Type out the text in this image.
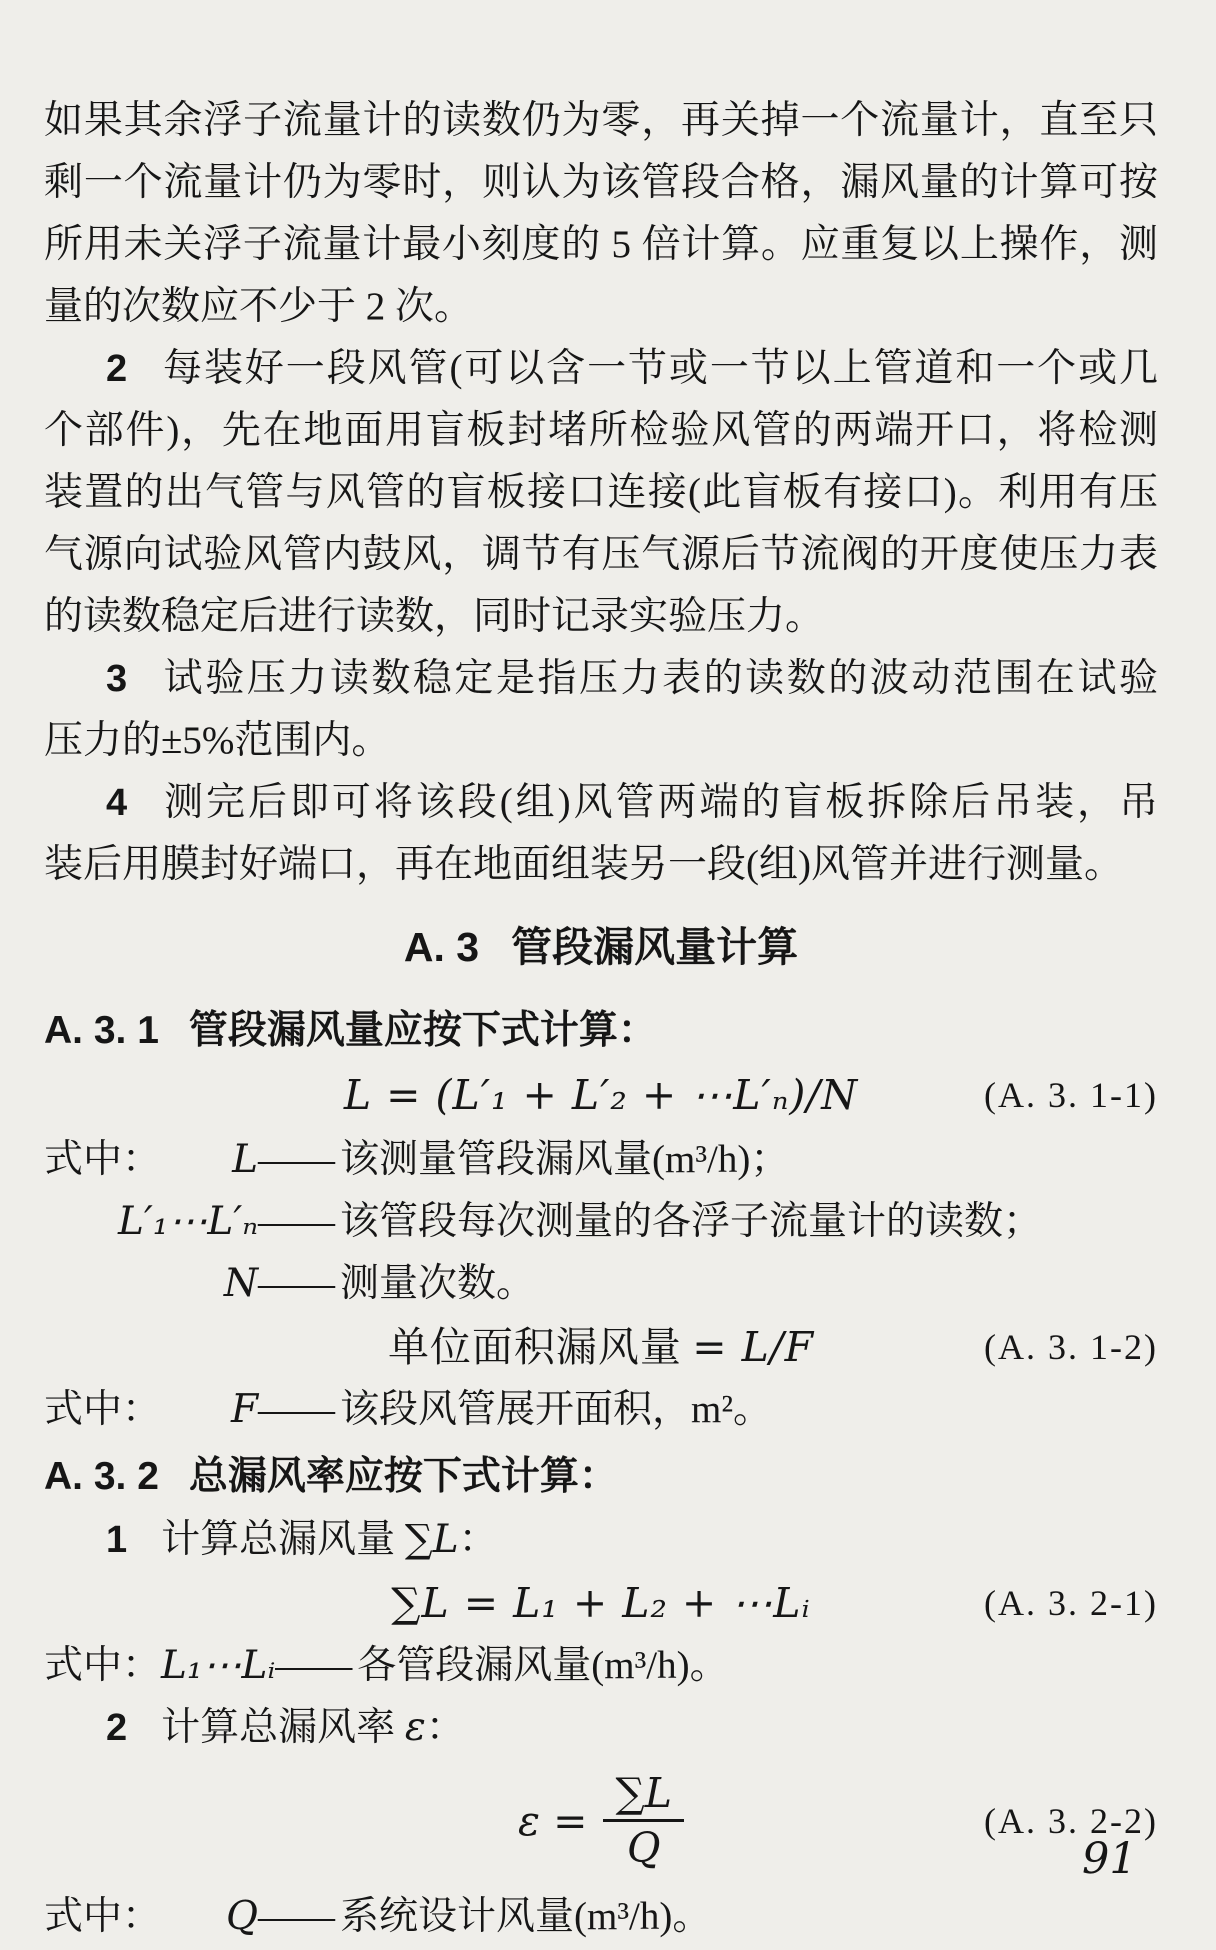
如果其余浮子流量计的读数仍为零，再关掉一个流量计，直至只
剩一个流量计仍为零时，则认为该管段合格，漏风量的计算可按
所用未关浮子流量计最小刻度的 5 倍计算。应重复以上操作，测
量的次数应不少于 2 次。
2 每装好一段风管(可以含一节或一节以上管道和一个或几
个部件)，先在地面用盲板封堵所检验风管的两端开口，将检测
装置的出气管与风管的盲板接口连接(此盲板有接口)。利用有压
气源向试验风管内鼓风，调节有压气源后节流阀的开度使压力表
的读数稳定后进行读数，同时记录实验压力。
3 试验压力读数稳定是指压力表的读数的波动范围在试验
压力的±5%范围内。
4 测完后即可将该段(组)风管两端的盲板拆除后吊装，吊
装后用膜封好端口，再在地面组装另一段(组)风管并进行测量。
A. 3 管段漏风量计算
A. 3. 1 管段漏风量应按下式计算：
L = (L′₁ + L′₂ + ⋯L′ₙ)/N	(A. 3. 1-1)
式中： L —— 该测量管段漏风量(m³/h)；
L′₁⋯L′ₙ —— 该管段每次测量的各浮子流量计的读数；
N —— 测量次数。
单位面积漏风量 = L/F	(A. 3. 1-2)
式中： F —— 该段风管展开面积，m²。
A. 3. 2 总漏风率应按下式计算：
1 计算总漏风量 ∑L：
∑L = L₁ + L₂ + ⋯Lᵢ	(A. 3. 2-1)
式中： L₁⋯Lᵢ —— 各管段漏风量(m³/h)。
2 计算总漏风率 ε：
$\varepsilon = \frac{\sum L}{Q}$	(A. 3. 2-2)
式中： Q —— 系统设计风量(m³/h)。
91
